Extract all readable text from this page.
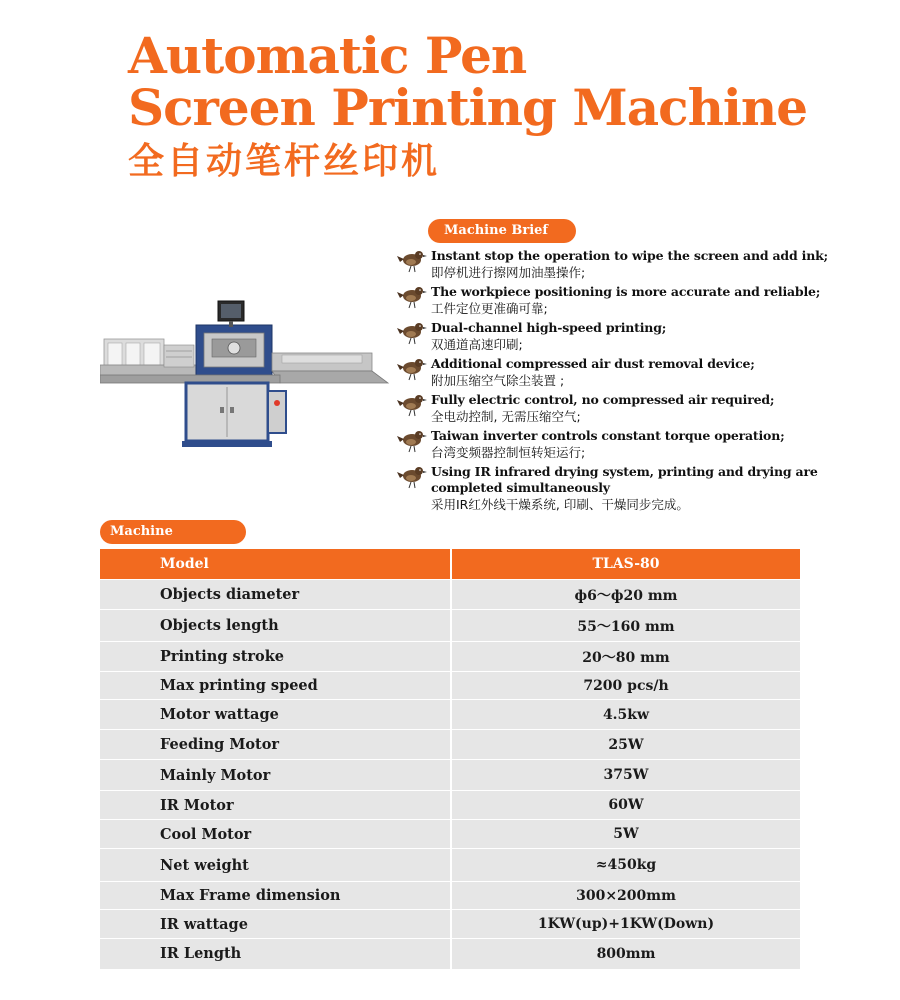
Automatic Pen
Screen Printing Machine
全自动笔杆丝印机
Machine Brief
Instant stop the operation to wipe the screen and add ink;
即停机进行擦网加油墨操作;
The workpiece positioning is more accurate and reliable;
工件定位更准确可靠;
Dual-channel high-speed printing;
双通道高速印刷;
Additional compressed air dust removal device;
附加压缩空气除尘装置 ;
Fully electric control, no compressed air required;
全电动控制, 无需压缩空气;
Taiwan inverter controls constant torque operation;
台湾变频器控制恒转矩运行;
Using IR infrared drying system, printing and drying are completed simultaneously
采用IR红外线干燥系统, 印刷、干燥同步完成。
Machine
Model	TLAS-80
Objects diameter	ф6～ф20 mm
Objects length	55～160 mm
Printing stroke	20～80 mm
Max printing speed	7200 pcs/h
Motor wattage	4.5kw
Feeding Motor	25W
Mainly Motor	375W
IR Motor	60W
Cool Motor	5W
Net weight	≈450kg
Max Frame dimension	300×200mm
IR wattage	1KW(up)+1KW(Down)
IR Length	800mm
